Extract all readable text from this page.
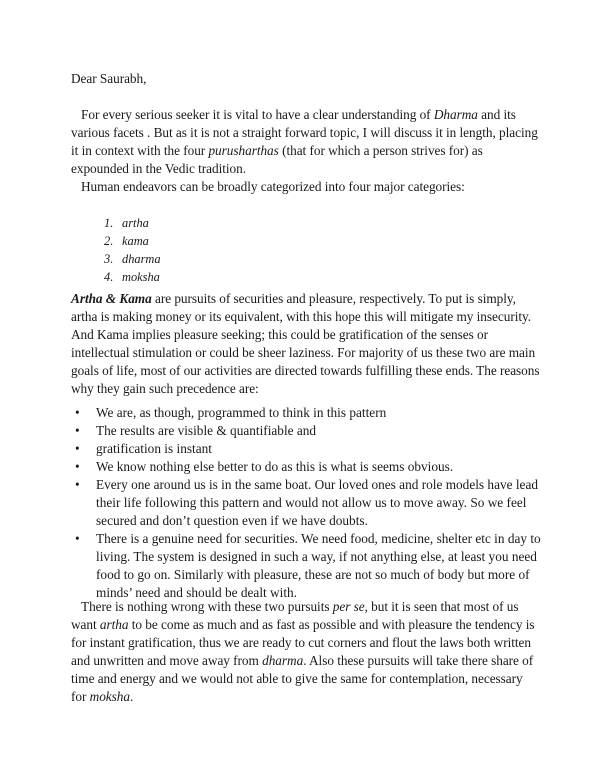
Dear Saurabh,
For every serious seeker it is vital to have a clear understanding of Dharma and its various facets . But as it is not a straight forward topic, I will discuss it in length, placing it in context with the four purusharthas (that for which a person strives for) as expounded in the Vedic tradition.
Human endeavors can be broadly categorized into four major categories:
1. artha
2. kama
3. dharma
4. moksha
Artha & Kama are pursuits of securities and pleasure, respectively. To put is simply, artha is making money or its equivalent, with this hope this will mitigate my insecurity. And Kama implies pleasure seeking; this could be gratification of the senses or intellectual stimulation or could be sheer laziness. For majority of us these two are main goals of life, most of our activities are directed towards fulfilling these ends. The reasons why they gain such precedence are:
• We are, as though, programmed to think in this pattern
• The results are visible & quantifiable and
• gratification is instant
• We know nothing else better to do as this is what is seems obvious.
• Every one around us is in the same boat. Our loved ones and role models have lead their life following this pattern and would not allow us to move away. So we feel secured and don’t question even if we have doubts.
• There is a genuine need for securities. We need food, medicine, shelter etc in day to living. The system is designed in such a way, if not anything else, at least you need food to go on. Similarly with pleasure, these are not so much of body but more of minds’ need and should be dealt with.
There is nothing wrong with these two pursuits per se, but it is seen that most of us want artha to be come as much and as fast as possible and with pleasure the tendency is for instant gratification, thus we are ready to cut corners and flout the laws both written and unwritten and move away from dharma. Also these pursuits will take there share of time and energy and we would not able to give the same for contemplation, necessary for moksha.
